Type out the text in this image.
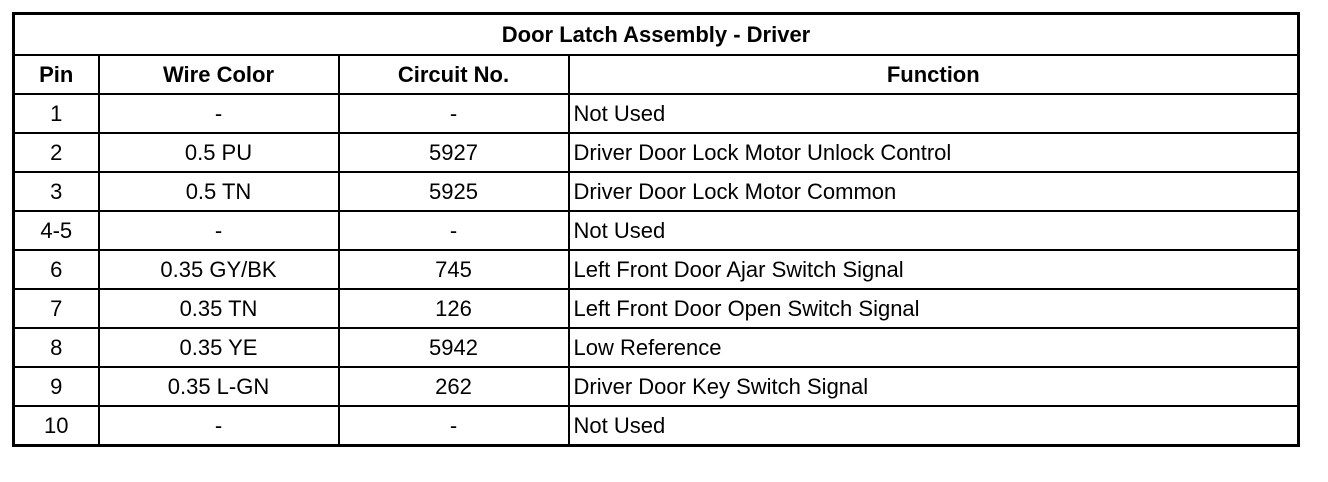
Door Latch Assembly - Driver			
Pin	Wire Color	Circuit No.	Function
1	-	-	Not Used
2	0.5 PU	5927	Driver Door Lock Motor Unlock Control
3	0.5 TN	5925	Driver Door Lock Motor Common
4-5	-	-	Not Used
6	0.35 GY/BK	745	Left Front Door Ajar Switch Signal
7	0.35 TN	126	Left Front Door Open Switch Signal
8	0.35 YE	5942	Low Reference
9	0.35 L-GN	262	Driver Door Key Switch Signal
10	-	-	Not Used
